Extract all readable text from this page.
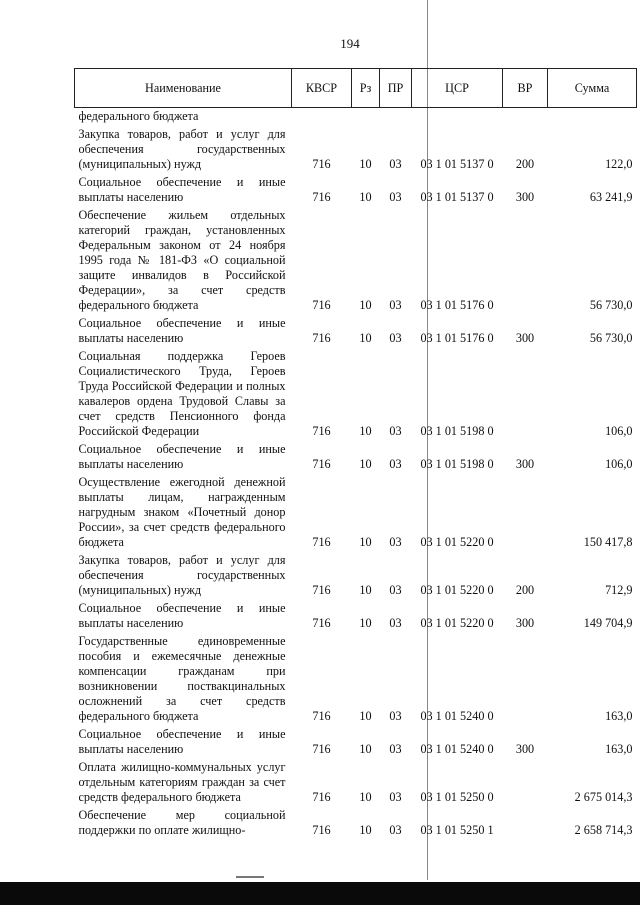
194
Наименование	КВСР	Рз	ПР	ЦСР	ВР	Сумма
федерального бюджета						
Закупка товаров, работ и услуг для обеспечения государственных (муниципальных) нужд	716	10	03	03 1 01 5137 0	200	122,0
Социальное обеспечение и иные выплаты населению	716	10	03	03 1 01 5137 0	300	63 241,9
Обеспечение жильем отдельных категорий граждан, установленных Федеральным законом от 24 ноября 1995 года № 181-ФЗ «О социальной защите инвалидов в Российской Федерации», за счет средств федерального бюджета	716	10	03	03 1 01 5176 0		56 730,0
Социальное обеспечение и иные выплаты населению	716	10	03	03 1 01 5176 0	300	56 730,0
Социальная поддержка Героев Социалистического Труда, Героев Труда Российской Федерации и полных кавалеров ордена Трудовой Славы за счет средств Пенсионного фонда Российской Федерации	716	10	03	03 1 01 5198 0		106,0
Социальное обеспечение и иные выплаты населению	716	10	03	03 1 01 5198 0	300	106,0
Осуществление ежегодной денежной выплаты лицам, награжденным нагрудным знаком «Почетный донор России», за счет средств федерального бюджета	716	10	03	03 1 01 5220 0		150 417,8
Закупка товаров, работ и услуг для обеспечения государственных (муниципальных) нужд	716	10	03	03 1 01 5220 0	200	712,9
Социальное обеспечение и иные выплаты населению	716	10	03	03 1 01 5220 0	300	149 704,9
Государственные единовременные пособия и ежемесячные денежные компенсации гражданам при возникновении поствакцинальных осложнений за счет средств федерального бюджета	716	10	03	03 1 01 5240 0		163,0
Социальное обеспечение и иные выплаты населению	716	10	03	03 1 01 5240 0	300	163,0
Оплата жилищно-коммунальных услуг отдельным категориям граждан за счет средств федерального бюджета	716	10	03	03 1 01 5250 0		2 675 014,3
Обеспечение мер социальной поддержки по оплате жилищно-	716	10	03	03 1 01 5250 1		2 658 714,3
